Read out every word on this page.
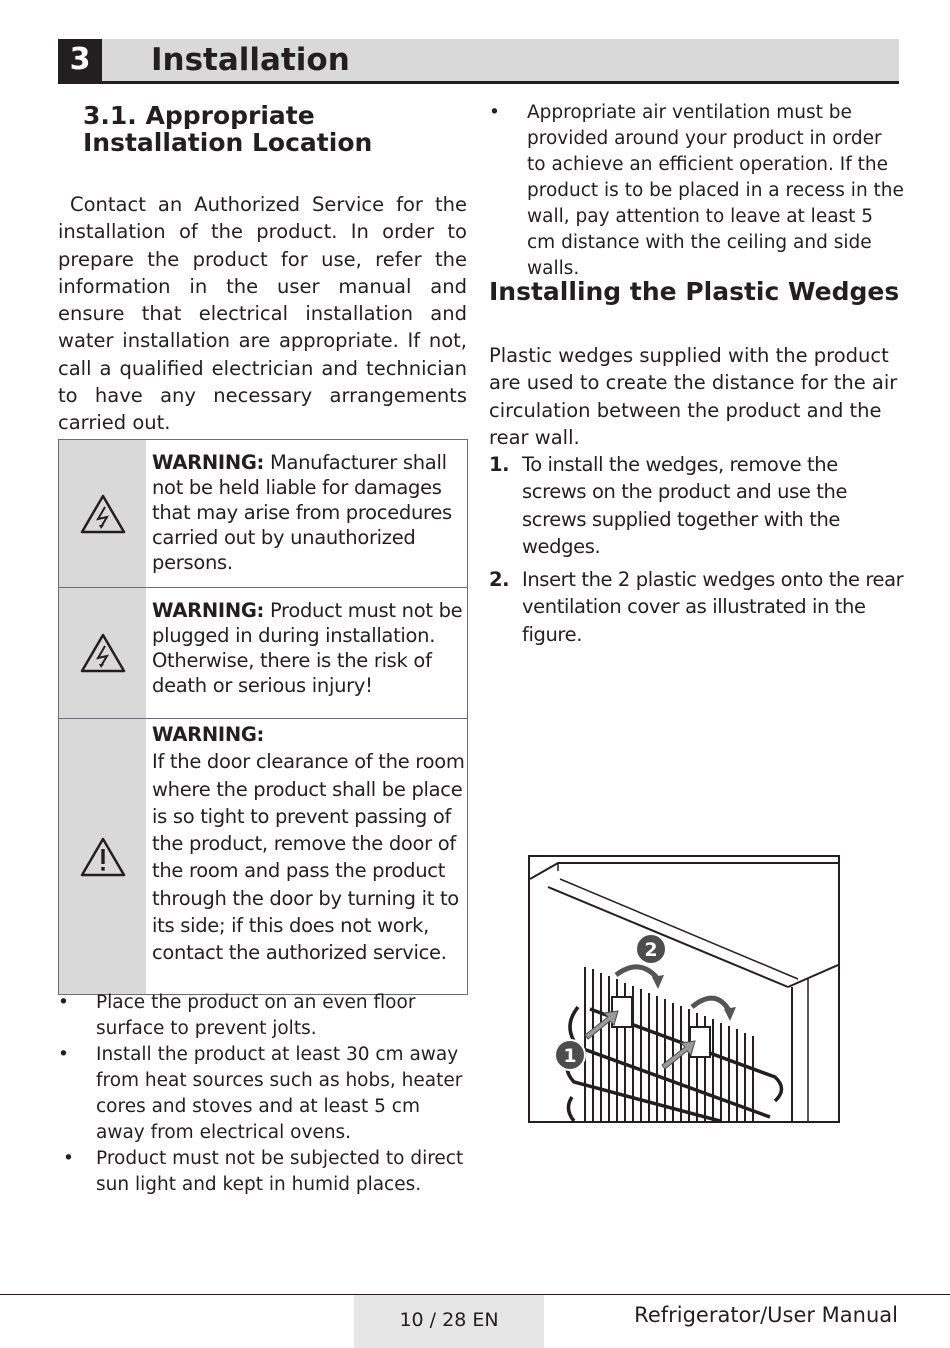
3	Installation
3.1. Appropriate Installation Location
Contact an Authorized Service for the installation of the product. In order to prepare the product for use, refer the information in the user manual and ensure that electrical installation and water installation are appropriate. If not, call a qualified electrician and technician to have any necessary arrangements carried out.
WARNING: Manufacturer shall not be held liable for damages that may arise from procedures carried out by unauthorized persons.
WARNING: Product must not be plugged in during installation. Otherwise, there is the risk of death or serious injury!
WARNING:
If the door clearance of the room where the product shall be place is so tight to prevent passing of the product, remove the door of the room and pass the product through the door by turning it to its side; if this does not work, contact the authorized service.
• Place the product on an even floor surface to prevent jolts.
• Install the product at least 30 cm away from heat sources such as hobs, heater cores and stoves and at least 5 cm away from electrical ovens.
• Product must not be subjected to direct sun light and kept in humid places.
• Appropriate air ventilation must be provided around your product in order to achieve an efficient operation. If the product is to be placed in a recess in the wall, pay attention to leave at least 5 cm distance with the ceiling and side walls.
Installing the Plastic Wedges
Plastic wedges supplied with the product are used to create the distance for the air circulation between the product and the rear wall.
1. To install the wedges, remove the screws on the product and use the screws supplied together with the wedges.
2. Insert the 2 plastic wedges onto the rear ventilation cover as illustrated in the figure.
2
1
10 / 28 EN	Refrigerator/User Manual
